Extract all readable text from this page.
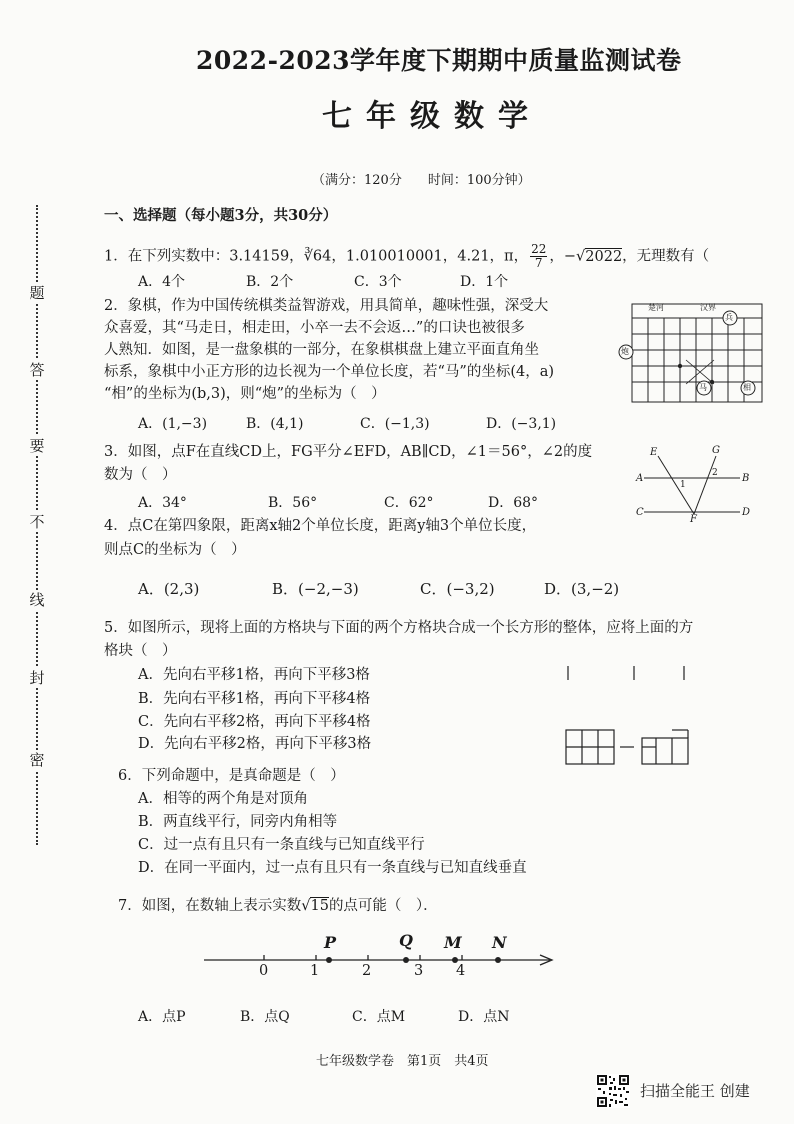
2022-2023学年度下期期中质量监测试卷
七年级数学
（满分：120分　　时间：100分钟）
密
封
线
不
要
答
题
一、选择题（每小题3分，共30分）
1．在下列实数中：3.14159，∛64，1.010010001，4.21，π， $\frac{22}{7}$ ，−√2022，无理数有（
A．4个	B．2个	C．3个	D．1个
2．象棋，作为中国传统棋类益智游戏，用具简单，趣味性强，深受大
众喜爱，其“马走日，相走田，小卒一去不会返…”的口诀也被很多
人熟知．如图，是一盘象棋的一部分，在象棋棋盘上建立平面直角坐
标系，象棋中小正方形的边长视为一个单位长度，若“马”的坐标(4，a)
“相”的坐标为(b,3)，则“炮”的坐标为（　）
A．(1,−3)	B．(4,1)	C．(−1,3)	D．(−3,1)
楚河	汉界
炮
马	相
兵
3．如图，点F在直线CD上，FG平分∠EFD，AB∥CD，∠1＝56°，∠2的度
数为（　）
A．34°	B．56°	C．62°	D．68°
E	G
A	B
C	D
F
1
2
4．点C在第四象限，距离x轴2个单位长度，距离y轴3个单位长度，
则点C的坐标为（　）
A．(2,3)	B．(−2,−3)	C．(−3,2)	D．(3,−2)
5．如图所示，现将上面的方格块与下面的两个方格块合成一个长方形的整体，应将上面的方
格块（　）
A．先向右平移1格，再向下平移3格
B．先向右平移1格，再向下平移4格
C．先向右平移2格，再向下平移4格
D．先向右平移2格，再向下平移3格
6．下列命题中，是真命题是（　）
A．相等的两个角是对顶角
B．两直线平行，同旁内角相等
C．过一点有且只有一条直线与已知直线平行
D．在同一平面内，过一点有且只有一条直线与已知直线垂直
7．如图，在数轴上表示实数√15的点可能（　）．
0	1	2	3 4
P	Q M N
A．点P	B．点Q	C．点M	D．点N
七年级数学卷　第1页　共4页
扫描全能王 创建
